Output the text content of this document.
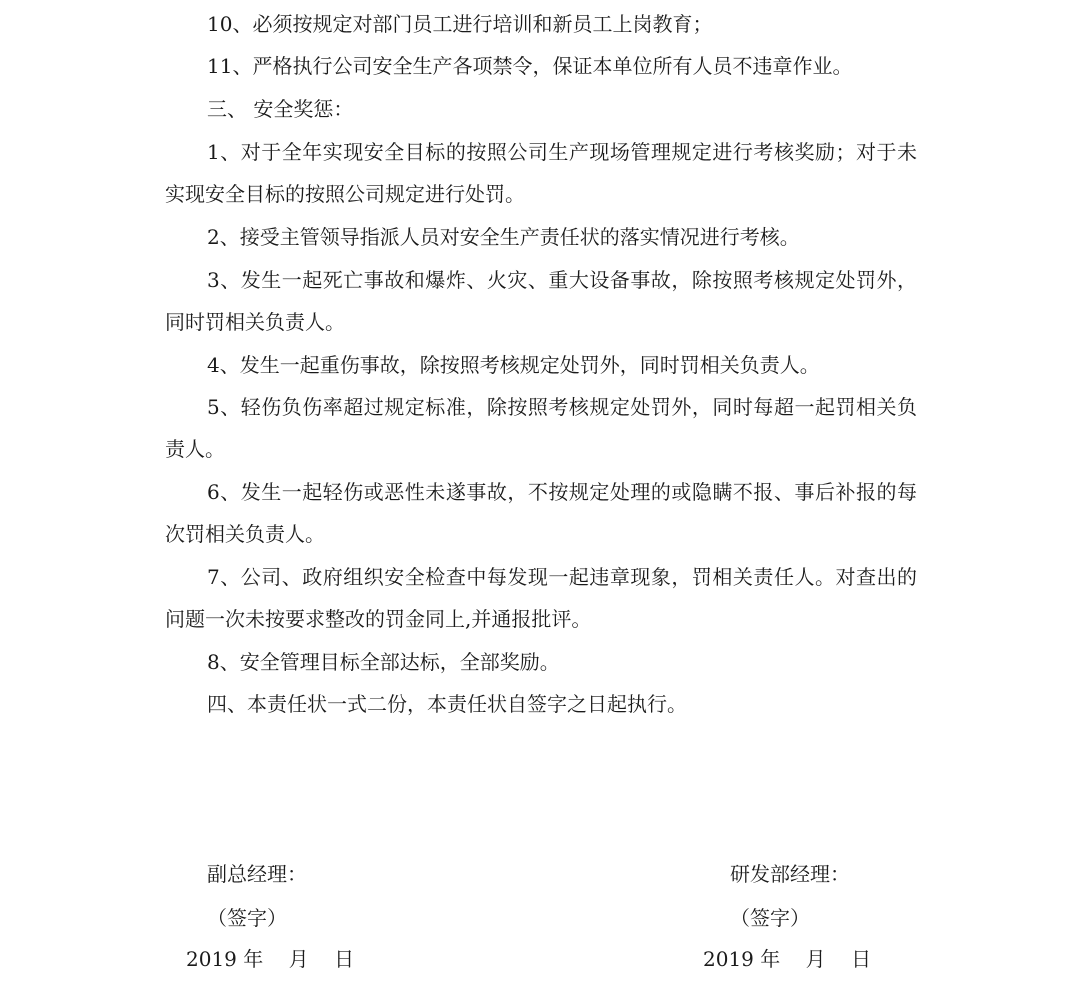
10、必须按规定对部门员工进行培训和新员工上岗教育；

11、严格执行公司安全生产各项禁令，保证本单位所有人员不违章作业。

三、 安全奖惩：

1、对于全年实现安全目标的按照公司生产现场管理规定进行考核奖励；对于未实现安全目标的按照公司规定进行处罚。

2、接受主管领导指派人员对安全生产责任状的落实情况进行考核。

3、发生一起死亡事故和爆炸、火灾、重大设备事故，除按照考核规定处罚外，同时罚相关负责人。

4、发生一起重伤事故，除按照考核规定处罚外，同时罚相关负责人。

5、轻伤负伤率超过规定标准，除按照考核规定处罚外，同时每超一起罚相关负责人。

6、发生一起轻伤或恶性未遂事故，不按规定处理的或隐瞒不报、事后补报的每次罚相关负责人。

7、公司、政府组织安全检查中每发现一起违章现象，罚相关责任人。对查出的问题一次未按要求整改的罚金同上,并通报批评。

8、安全管理目标全部达标，全部奖励。

四、本责任状一式二份，本责任状自签字之日起执行。

副总经理：
（签字）
2019 年    月    日
研发部经理：
（签字）
2019 年    月    日
